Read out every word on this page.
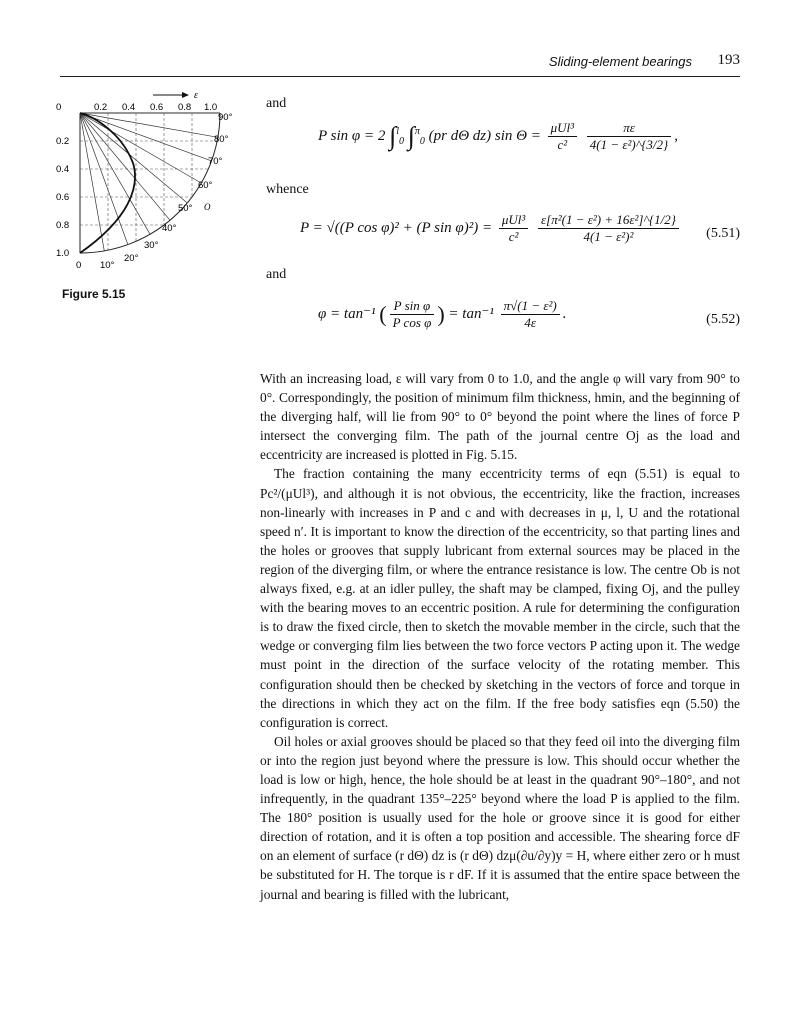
Sliding-element bearings 193
ε
0	0.2 0.4 0.6 0.8 1.0
0.2
0.4
0.6
0.8
1.0
0 10°
20°
30°
40°
50°
60°
70°
80°
90°
O
Figure 5.15
and
P sin φ = 2 ∫$^l_0$ ∫$^\pi_0$ (pr dΘ dz) $\sin \Theta = \frac{\text{μUl³}}{\text{c²}}$
$\frac{\pi\varepsilon}{\text{4(1 − ε²)\textasciicircum{}\{3/2\}}}$ ,
whence
P = √((P cos φ)² + (P $\sin \varphi)^2) = \frac{\text{μUl³}}{\text{c²}}$
$\frac{\text{ε[π²(1 − ε²) + 16ε²]\textasciicircum{}\{1/2\}}}{\text{4(1 − ε²)²}} (5.51)$
and
φ = tan⁻¹ ( $\frac{\text{P sin φ}}{\text{P cos φ}}$ ) = $\tan^{-1} \frac{\text{π√(1 − ε²)}}{4\varepsilon}$ .	(5.52)

With an increasing load, ε will vary from 0 to 1.0, and the angle φ will vary from 90° to 0°. Correspondingly, the position of minimum film thickness, hmin, and the beginning of the diverging half, will lie from 90° to 0° beyond the point where the lines of force P intersect the converging film. The path of the journal centre Oj as the load and eccentricity are increased is plotted in Fig. 5.15.

The fraction containing the many eccentricity terms of eqn (5.51) is equal to Pc²/(μUl³), and although it is not obvious, the eccentricity, like the fraction, increases non-linearly with increases in P and c and with decreases in μ, l, U and the rotational speed n′. It is important to know the direction of the eccentricity, so that parting lines and the holes or grooves that supply lubricant from external sources may be placed in the region of the diverging film, or where the entrance resistance is low. The centre Ob is not always fixed, e.g. at an idler pulley, the shaft may be clamped, fixing Oj, and the pulley with the bearing moves to an eccentric position. A rule for determining the configuration is to draw the fixed circle, then to sketch the movable member in the circle, such that the wedge or converging film lies between the two force vectors P acting upon it. The wedge must point in the direction of the surface velocity of the rotating member. This configuration should then be checked by sketching in the vectors of force and torque in the directions in which they act on the film. If the free body satisfies eqn (5.50) the configuration is correct.

Oil holes or axial grooves should be placed so that they feed oil into the diverging film or into the region just beyond where the pressure is low. This should occur whether the load is low or high, hence, the hole should be at least in the quadrant 90°–180°, and not infrequently, in the quadrant 135°–225° beyond where the load P is applied to the film. The 180° position is usually used for the hole or groove since it is good for either direction of rotation, and it is often a top position and accessible. The shearing force dF on an element of surface (r dΘ) dz is (r dΘ) dzμ(∂u/∂y)y = H, where either zero or h must be substituted for H. The torque is r dF. If it is assumed that the entire space between the journal and bearing is filled with the lubricant,
